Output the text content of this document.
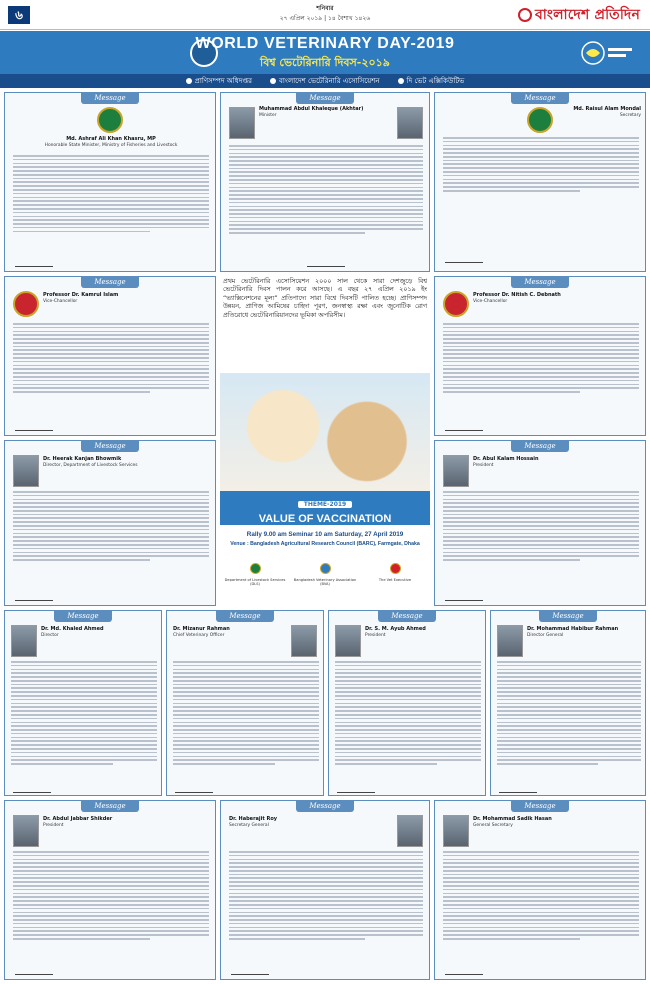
৬	শনিবার
২৭ এপ্রিল ২০১৯ | ১৪ বৈশাখ ১৪২৬	বাংলাদেশ প্রতিদিন
WORLD VETERINARY DAY-2019
বিশ্ব ভেটেরিনারি দিবস-২০১৯
প্রাণিসম্পদ অধিদপ্তর	বাংলাদেশ ভেটেরিনারি এসোসিয়েশন	দি ভেট এক্সিকিউটিভ
Message
Md. Ashraf Ali Khan Khasru, MP
Honorable State Minister, Ministry of Fisheries and Livestock
Message
Muhammad Abdul Khaleque (Akhtar)
Minister
Message
Md. Raisul Alam Mondal
Secretary
Message
Professor Dr. Kamrul Islam
Vice-Chancellor
Message
Professor Dr. Nitish C. Debnath
Vice-Chancellor
Message
Dr. Heerak Kanjan Bhowmik
Director, Department of Livestock Services
Message
Dr. Abul Kalam Hossain
President
প্রথম ভেটেরিনারি এসোসিয়েশন ২০০০ সাল থেকে সারা দেশজুড়ে বিশ্ব ভেটেরিনারি দিবস পালন করে আসছে। এ বছর ২৭ এপ্রিল ২০১৯ ইং “ভ্যাক্সিনেশনের মূল্য” প্রতিপাদ্যে সারা বিশ্বে দিবসটি পালিত হচ্ছে। প্রাণিসম্পদ উন্নয়ন, প্রাণিজ আমিষের চাহিদা পূরণ, জনস্বাস্থ্য রক্ষা এবং জুনোটিক রোগ প্রতিরোধে ভেটেরিনারিয়ানদের ভূমিকা অপরিসীম।
THEME-2019
VALUE OF VACCINATION
Rally 9.00 am Seminar 10 am Saturday, 27 April 2019
Venue : Bangladesh Agricultural Research Council (BARC), Farmgate, Dhaka
Department of Livestock Services (DLS)
Bangladesh Veterinary Association (BVA)
The Vet Executive
Message
Dr. Md. Khaled Ahmed
Director
Message
Dr. Mizanur Rahman
Chief Veterinary Officer
Message
Dr. S. M. Ayub Ahmed
President
Message
Dr. Mohammad Habibur Rahman
Director General
Message
Dr. Abdul Jabbar Shikder
President
Message
Dr. Haberajit Roy
Secretary General
Message
Dr. Mohammad Sadik Hasan
General Secretary
